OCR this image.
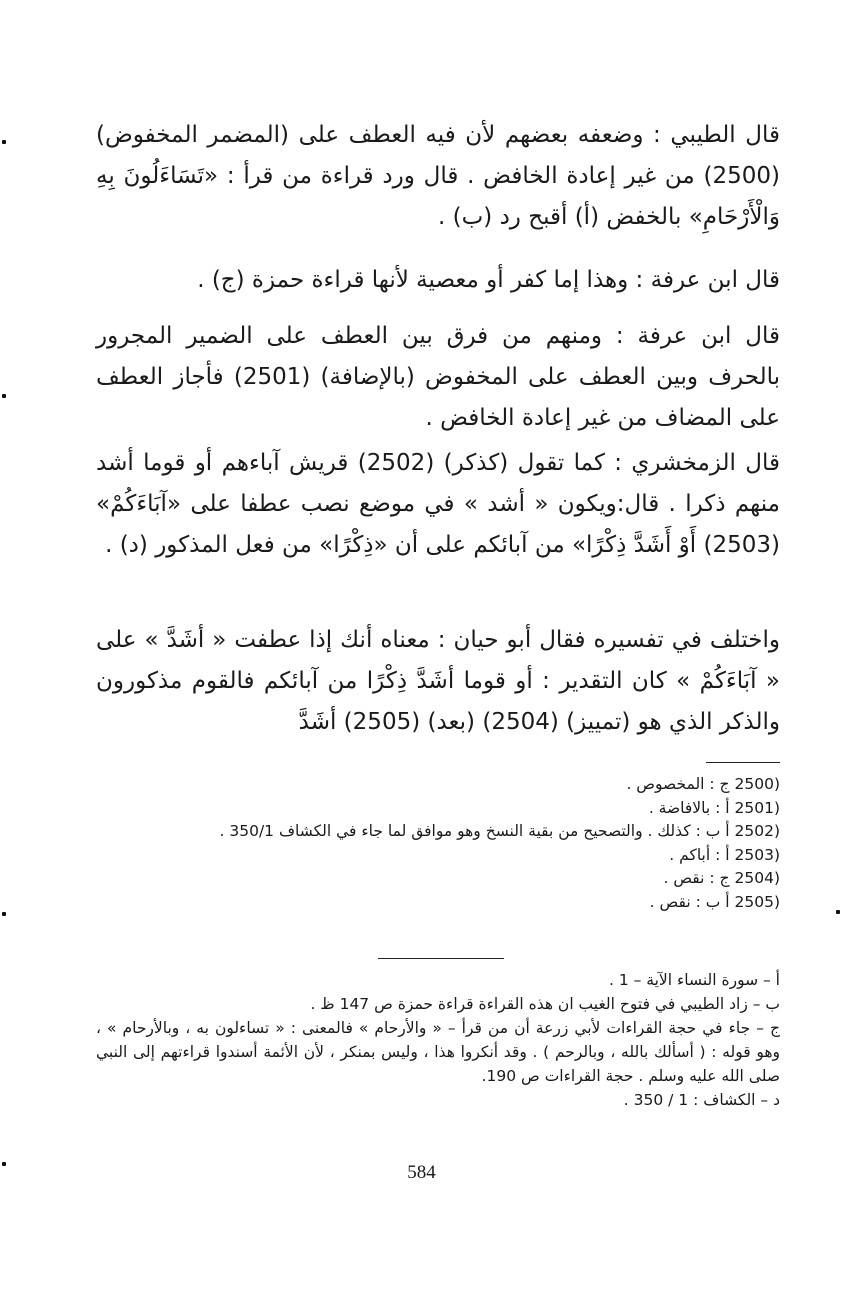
قال الطيبي : وضعفه بعضهم لأن فيه العطف على (المضمر المخفوض) (2500) من غير إعادة الخافض . قال ورد قراءة من قرأ : «تَسَاءَلُونَ بِهِ وَالْأَرْحَامِ» بالخفض (أ) أقبح رد (ب) .

قال ابن عرفة : وهذا إما كفر أو معصية لأنها قراءة حمزة (ج) .

قال ابن عرفة : ومنهم من فرق بين العطف على الضمير المجرور بالحرف وبين العطف على المخفوض (بالإضافة) (2501) فأجاز العطف على المضاف من غير إعادة الخافض .

قال الزمخشري : كما تقول (كذكر) (2502) قريش آباءهم أو قوما أشد منهم ذكرا . قال:ويكون « أشد » في موضع نصب عطفا على «آبَاءَكُمْ» (2503) أَوْ أَشَدَّ ذِكْرًا» من آبائكم على أن «ذِكْرًا» من فعل المذكور (د) .

واختلف في تفسيره فقال أبو حيان : معناه أنك إذا عطفت « أشَدَّ » على « آبَاءَكُمْ » كان التقدير : أو قوما أشَدَّ ذِكْرًا من آبائكم فالقوم مذكورون والذكر الذي هو (تمييز) (2504) (بعد) (2505) أشَدَّ

(2500 ج : المخصوص .

(2501 أ : بالافاضة .

(2502 أ ب : كذلك . والتصحيح من بقية النسخ وهو موافق لما جاء في الكشاف 350/1 .

(2503 أ : أباكم .

(2504 ج : نقص .

(2505 أ ب : نقص .

أ – سورة النساء الآية – 1 .

ب – زاد الطيبي في فتوح الغيب ان هذه القراءة قراءة حمزة ص 147 ظ .

ج – جاء في حجة القراءات لأبي زرعة أن من قرأ – « والأرحام » فالمعنى : « تساءلون به ، وبالأرحام » ، وهو قوله : ( أسألك بالله ، وبالرحم ) . وقد أنكروا هذا ، وليس بمنكر ، لأن الأئمة أسندوا قراءتهم إلى النبي صلى الله عليه وسلم . حجة القراءات ص 190.

د – الكشاف : 1 / 350 .

584
